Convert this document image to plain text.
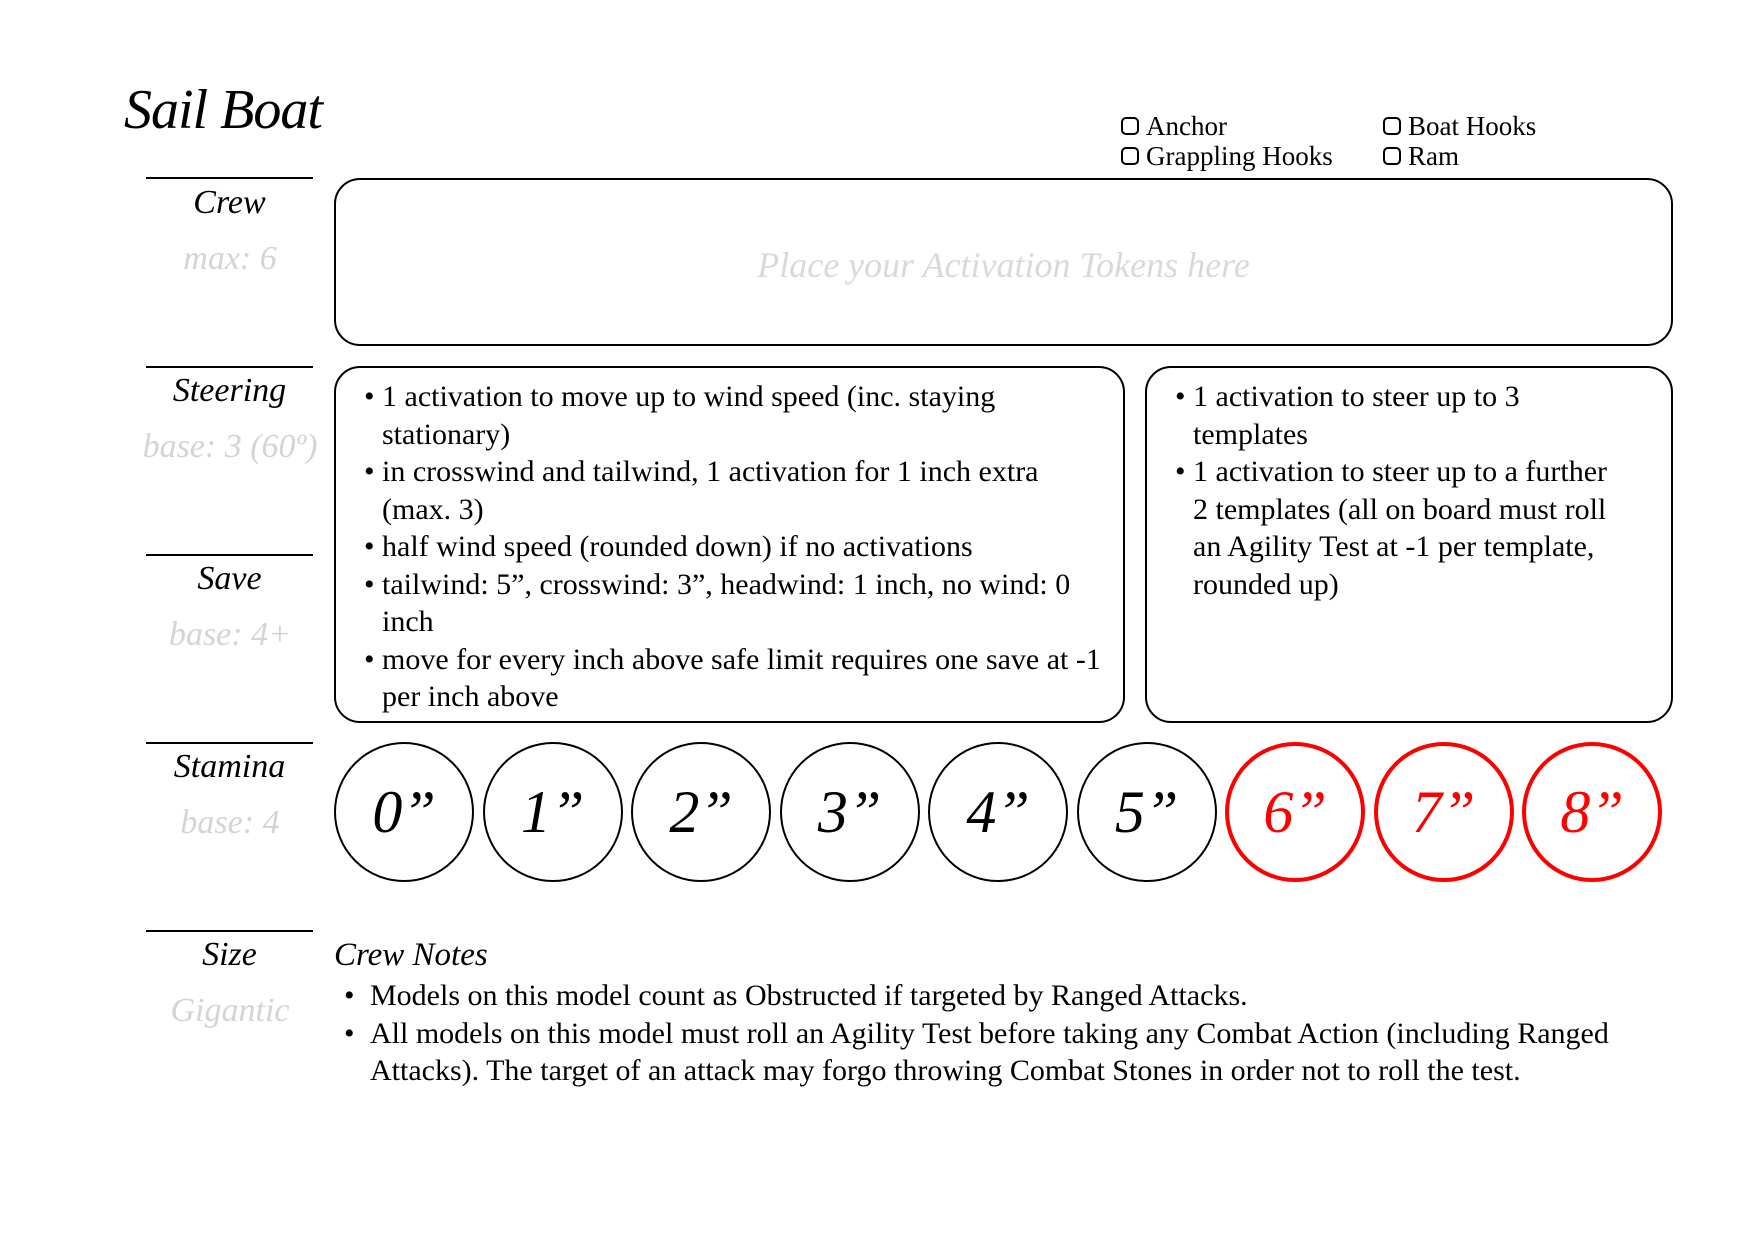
Sail Boat	Anchor	Boat Hooks
Grappling Hooks	Ram
Crew
max: 6
Steering
base: 3 (60º)
Save
base: 4+
Stamina
base: 4
Size
Gigantic
Place your Activation Tokens here
• 1 activation to move up to wind speed (inc. staying stationary)
• in crosswind and tailwind, 1 activation for 1 inch extra (max. 3)
• half wind speed (rounded down) if no activations
• tailwind: 5”, crosswind: 3”, headwind: 1 inch, no wind: 0 inch
• move for every inch above safe limit requires one save at -1 per inch above
• 1 activation to steer up to 3 templates
• 1 activation to steer up to a further 2 templates (all on board must roll an Agility Test at -1 per template, rounded up)
0” 1” 2” 3” 4” 5” 6” 7” 8”
Crew Notes
• Models on this model count as Obstructed if targeted by Ranged Attacks.
• All models on this model must roll an Agility Test before taking any Combat Action (including Ranged Attacks). The target of an attack may forgo throwing Combat Stones in order not to roll the test.
